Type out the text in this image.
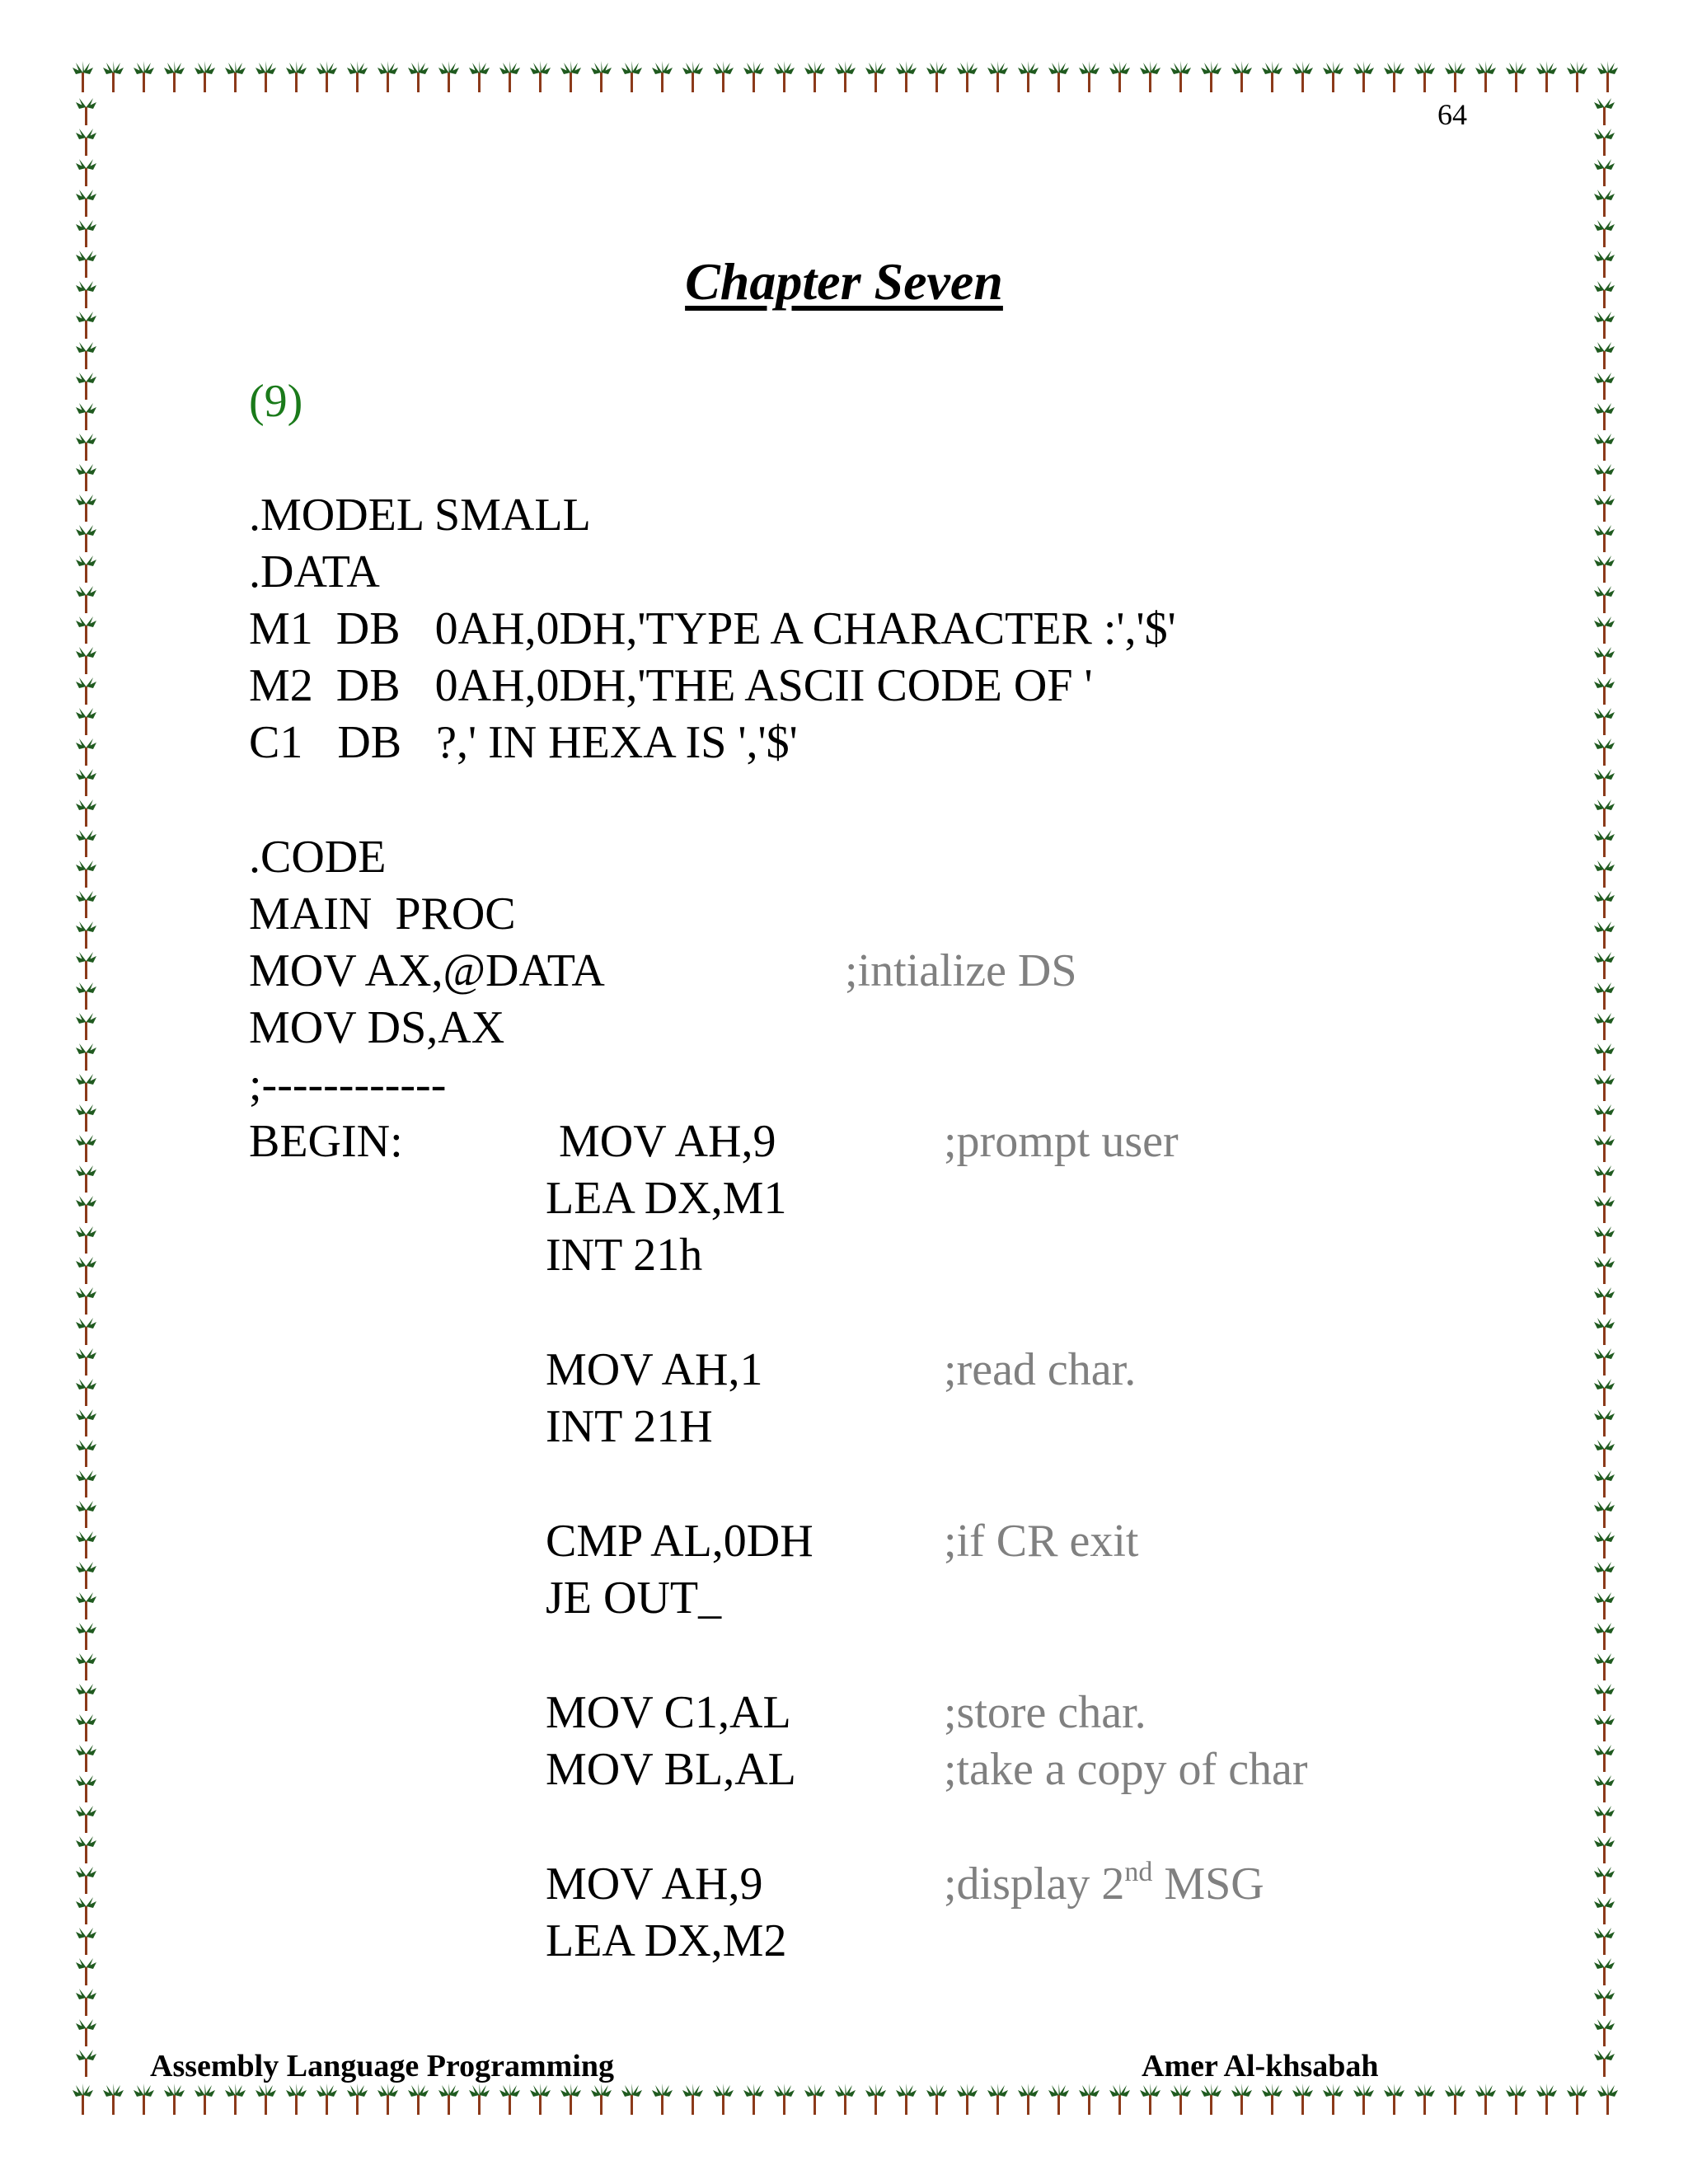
64
Chapter Seven
(9)
.MODEL SMALL
.DATA
M1  DB   0AH,0DH,'TYPE A CHARACTER :','$'
M2  DB   0AH,0DH,'THE ASCII CODE OF '
C1   DB   ?,' IN HEXA IS ','$'
.CODE
MAIN  PROC
MOV AX,@DATA	;intialize DS
MOV DS,AX
;------------
BEGIN:	MOV AH,9	;prompt user
LEA DX,M1
INT 21h
MOV AH,1	;read char.
INT 21H
CMP AL,0DH	;if CR exit
JE OUT_
MOV C1,AL	;store char.
MOV BL,AL	;take a copy of char
MOV AH,9	;display 2nd MSG
LEA DX,M2
Assembly Language Programming	Amer Al-khsabah
